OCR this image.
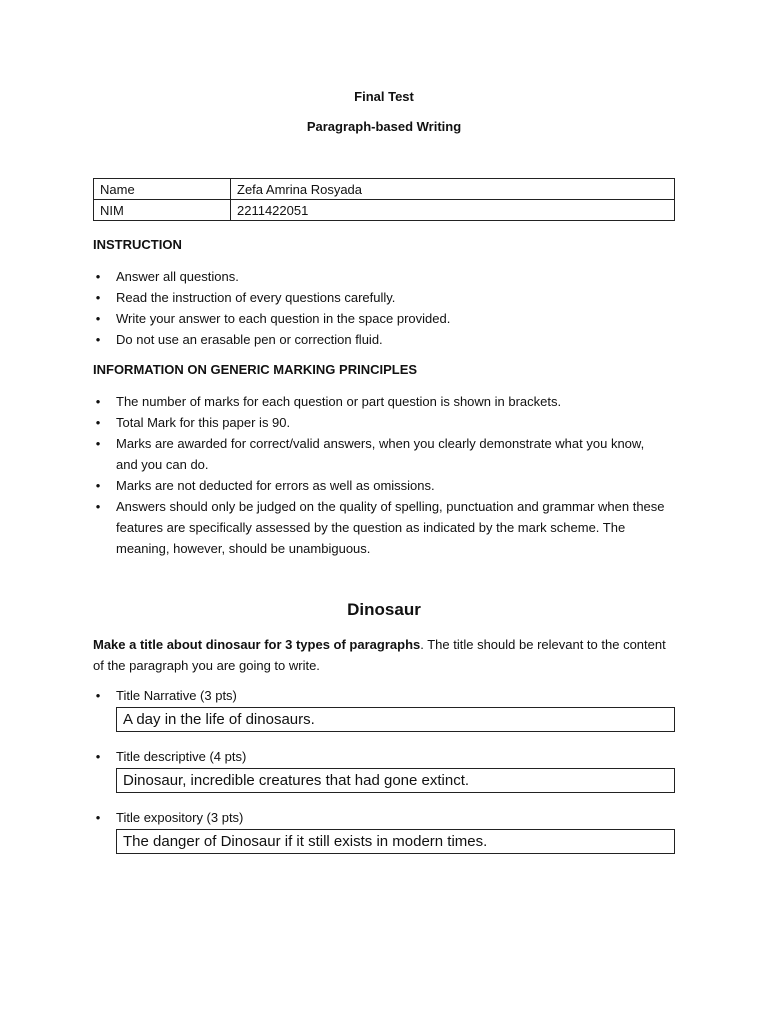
Final Test
Paragraph-based Writing
Name	Zefa Amrina Rosyada
NIM	2211422051
INSTRUCTION
• Answer all questions.
• Read the instruction of every questions carefully.
• Write your answer to each question in the space provided.
• Do not use an erasable pen or correction fluid.
INFORMATION ON GENERIC MARKING PRINCIPLES
• The number of marks for each question or part question is shown in brackets.
• Total Mark for this paper is 90.
• Marks are awarded for correct/valid answers, when you clearly demonstrate what you know, and you can do.
• Marks are not deducted for errors as well as omissions.
• Answers should only be judged on the quality of spelling, punctuation and grammar when these features are specifically assessed by the question as indicated by the mark scheme. The meaning, however, should be unambiguous.
Dinosaur
Make a title about dinosaur for 3 types of paragraphs. The title should be relevant to the content of the paragraph you are going to write.
• Title Narrative (3 pts)
A day in the life of dinosaurs.
• Title descriptive (4 pts)
Dinosaur, incredible creatures that had gone extinct.
• Title expository (3 pts)
The danger of Dinosaur if it still exists in modern times.
